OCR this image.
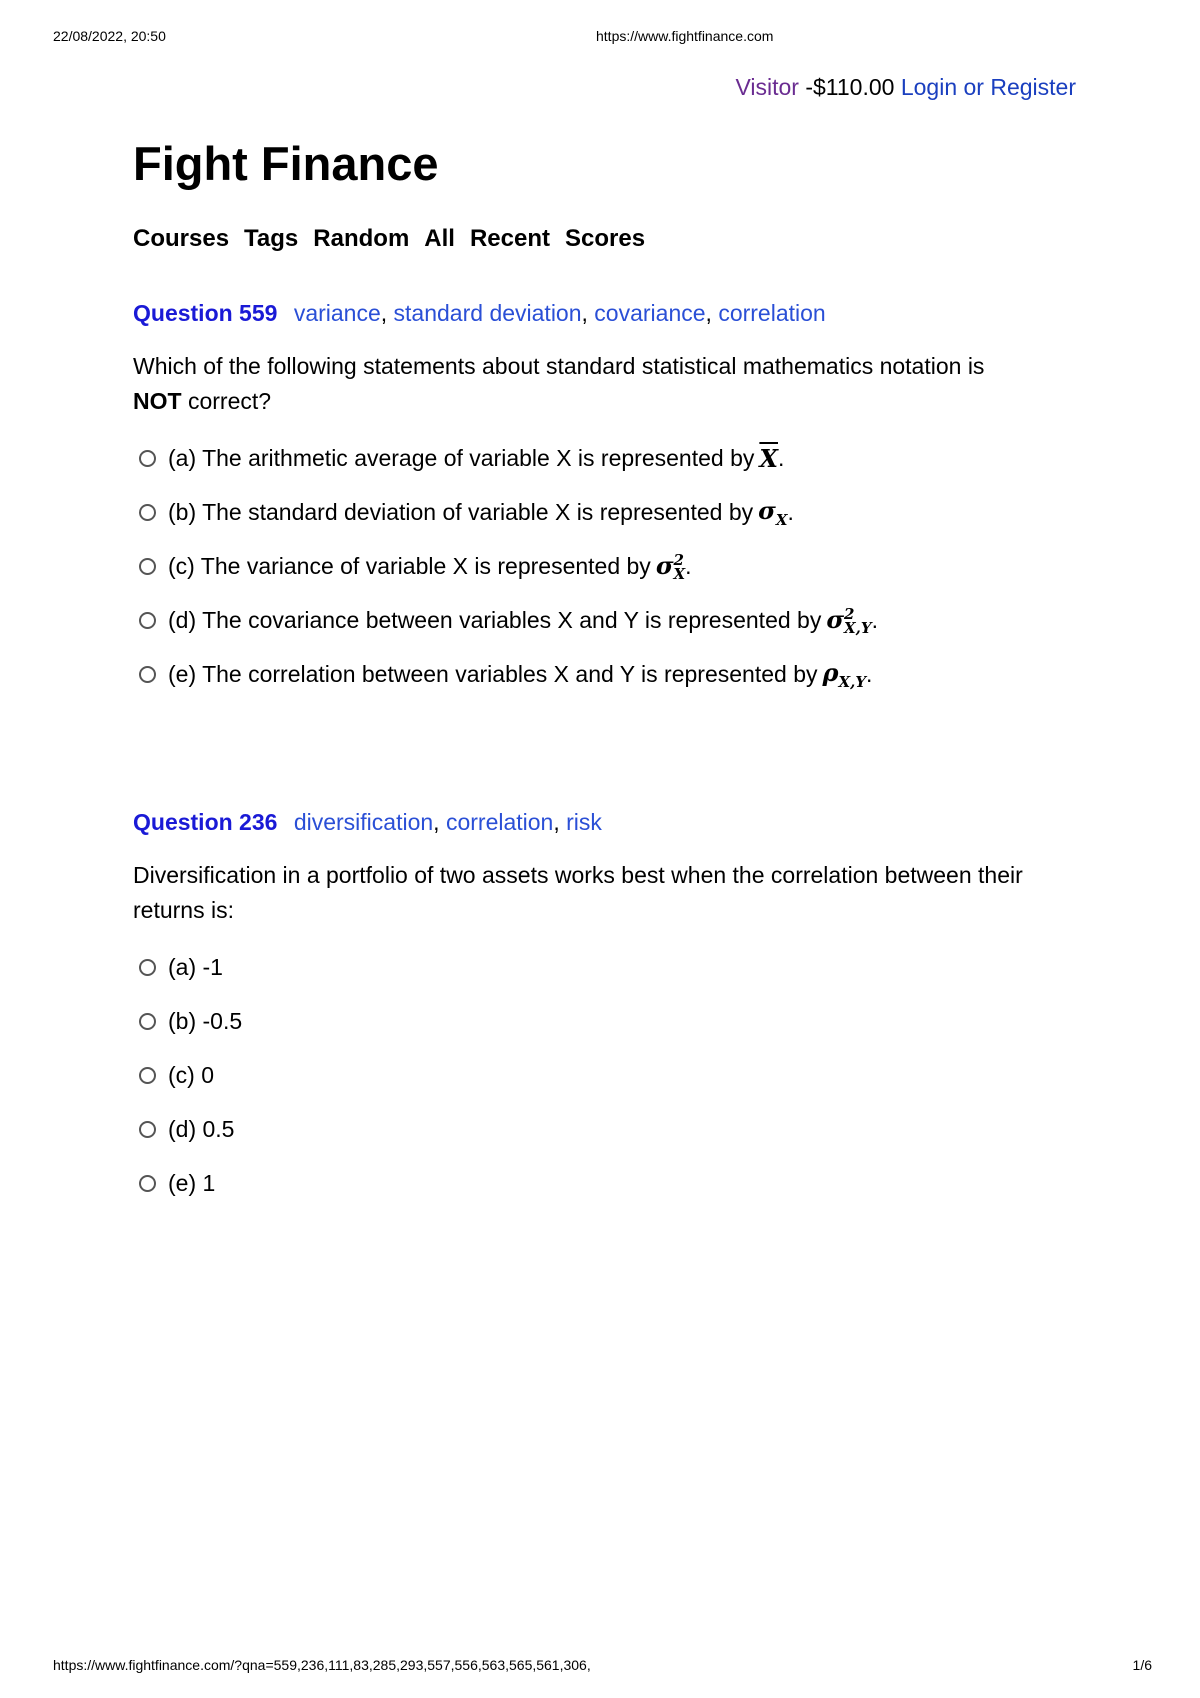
22/08/2022, 20:50	https://www.fightfinance.com
Visitor -$110.00 Login or Register
Fight Finance
Courses Tags Random All Recent Scores
Question 559 variance, standard deviation, covariance, correlation
Which of the following statements about standard statistical mathematics notation is
NOT correct?
(a) The arithmetic average of variable X is represented by $\overline{X}$ .
(b) The standard deviation of variable X is represented by $\sigma_X$ .
(c) The variance of variable X is represented by σ 2
X .
(d) The covariance between variables X and Y is represented by σ 2
X,Y .
(e) The correlation between variables X and Y is represented by $\rho_{X,Y}$ .
Question 236 diversification, correlation, risk
Diversification in a portfolio of two assets works best when the correlation between their returns is:
(a) -1
(b) -0.5
(c) 0
(d) 0.5
(e) 1
https://www.fightfinance.com/?qna=559,236,111,83,285,293,557,556,563,565,561,306,	1/6
